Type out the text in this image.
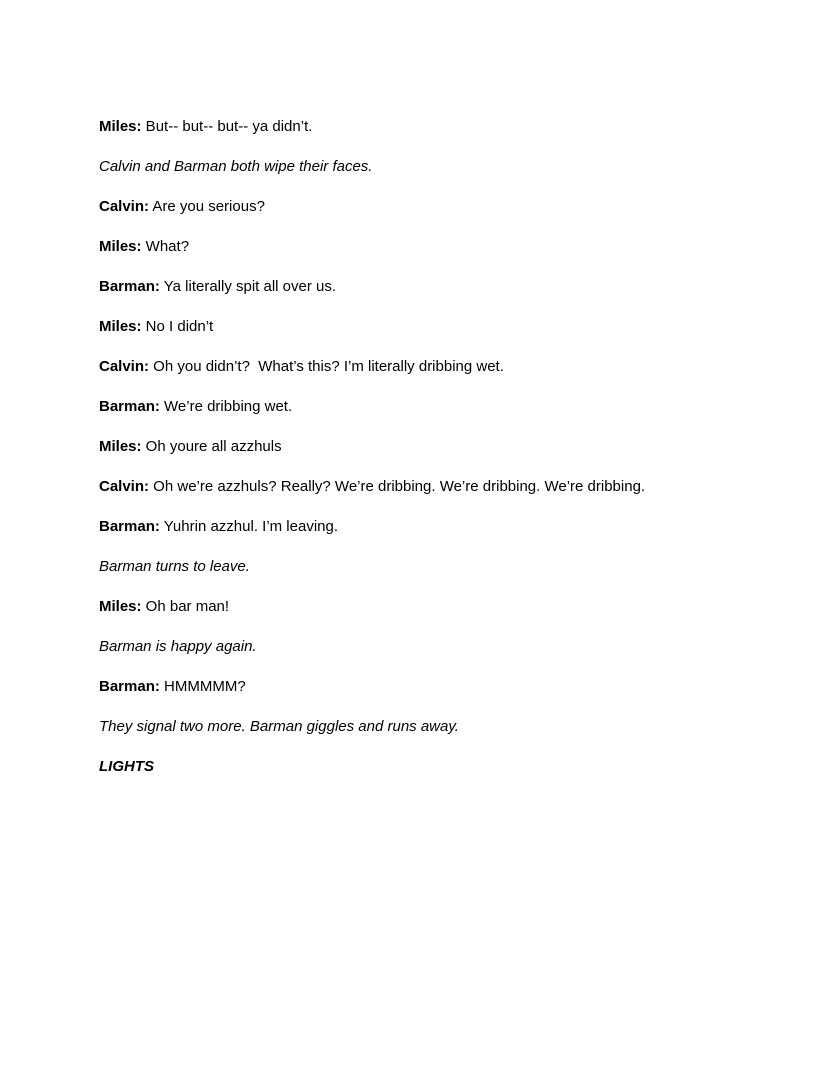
Miles: But-- but-- but-- ya didn’t.

Calvin and Barman both wipe their faces.

Calvin: Are you serious?

Miles: What?

Barman: Ya literally spit all over us.

Miles: No I didn’t

Calvin: Oh you didn’t?  What’s this? I’m literally dribbing wet.

Barman: We’re dribbing wet.

Miles: Oh youre all azzhuls

Calvin: Oh we’re azzhuls? Really? We’re dribbing. We’re dribbing. We’re dribbing.

Barman: Yuhrin azzhul. I’m leaving.

Barman turns to leave.

Miles: Oh bar man!

Barman is happy again.

Barman: HMMMMM?

They signal two more. Barman giggles and runs away.

LIGHTS
